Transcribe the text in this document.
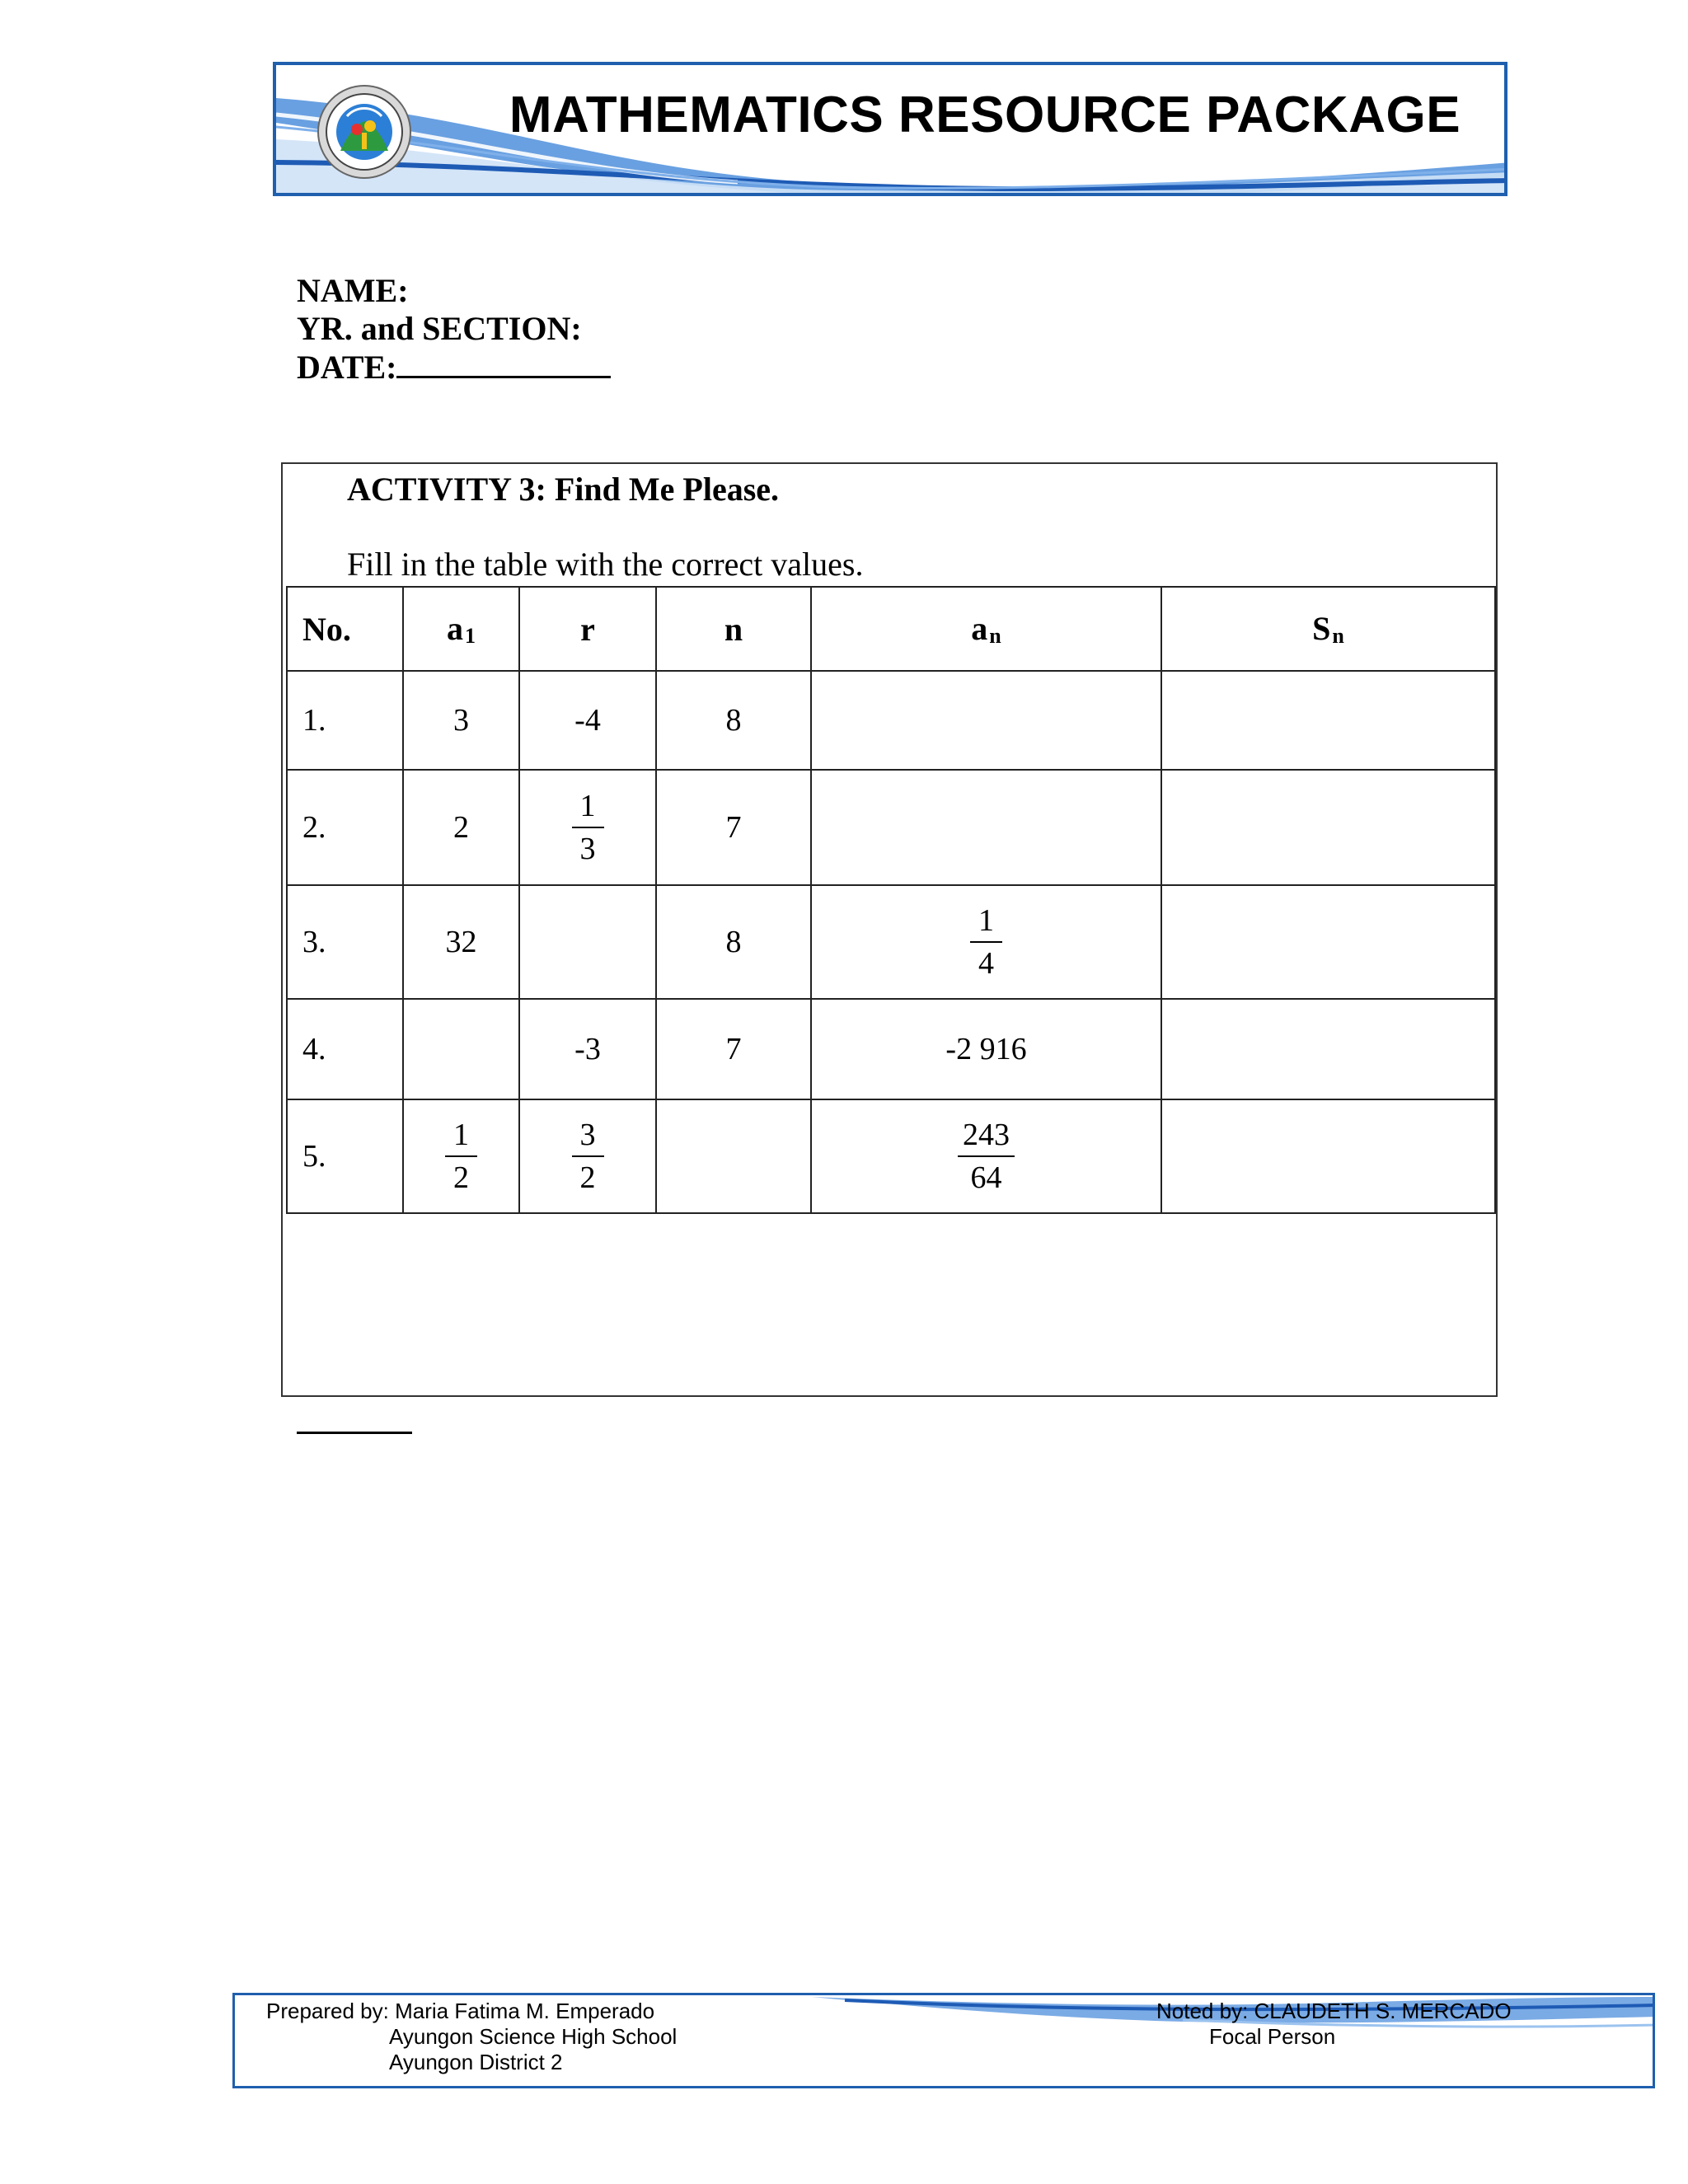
MATHEMATICS RESOURCE PACKAGE
NAME:
YR. and SECTION:
DATE:
ACTIVITY 3: Find Me Please.
Fill in the table with the correct values.
No.	a1	r	n	an	Sn
1.	3	-4	8		
2.	2	$\frac{1}{3}$	7		
3.	32		8	$\frac{1}{4}$

4.		-3	7	-2 916	
5.	$\frac{1}{2}$	$\frac{3}{2}$		$\frac{243}{64}$

Prepared by: Maria Fatima M. Emperado
Ayungon Science High School
Ayungon District 2
Noted by: CLAUDETH S. MERCADO
Focal Person
